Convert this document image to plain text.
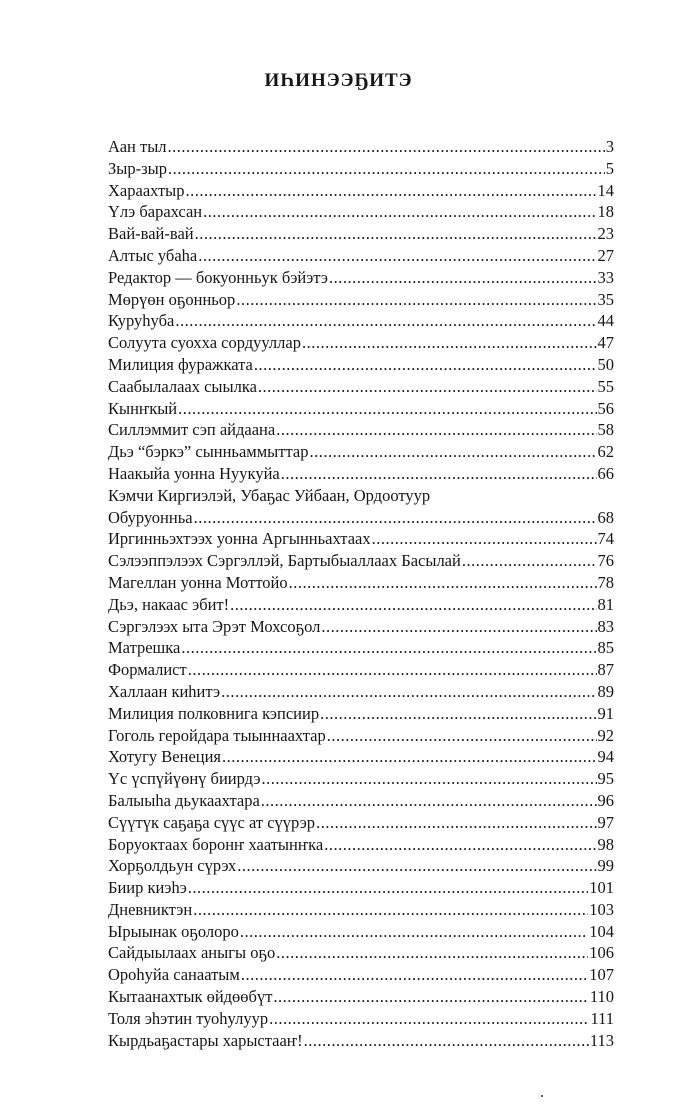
ИҺИНЭЭҔИТЭ
Аан тыл .....	3
Зыр-зыр .....	5
Хараахтыр .....	14
Үлэ барахсан .....	18
Вай-вай-вай .....	23
Алтыс убаһа .....	27
Редактор — бокуонньук бэйэтэ .....	33
Мөрүөн оҕонньор .....	35
Куруһуба .....	44
Солуута суохха сордууллар .....	47
Милиция фуражката .....	50
Саабылалаах сыылка .....	55
Кынҥкый .....	56
Силлэммит сэп айдаана .....	58
Дьэ “бэркэ” сынньаммыттар .....	62
Наакыйа уонна Нуукуйа .....	66
Кэмчи Киргиэлэй, Убаҕас Уйбаан, Ордоотуур
Обуруонньа .....	68
Иргинньэхтээх уонна Аргынньахтаах .....	74
Сэлээппэлээх Сэргэллэй, Бартыбыаллаах Басылай .....	76
Магеллан уонна Моттойо .....	78
Дьэ, накаас эбит! .....	81
Сэргэлээх ыта Эрэт Мохсоҕол .....	83
Матрешка .....	85
Формалист .....	87
Халлаан киһитэ .....	89
Милиция полковнига кэпсиир .....	91
Гоголь геройдара тыыннаахтар .....	92
Хотугу Венеция .....	94
Үс үспүйүөнү биирдэ .....	95
Балыыһа дьукаахтара .....	96
Сүүтүк саҕаҕа сүүс ат сүүрэр .....	97
Боруоктаах боронҥ хаатынҥка .....	98
Хорҕолдьун сүрэх .....	99
Биир киэһэ .....	101
Дневниктэн .....	103
Ырыынак оҕолоро .....	104
Сайдыылаах аныгы оҕо .....	106
Ороһуйа санаатым .....	107
Кытаанахтык өйдөөбүт .....	110
Толя эһэтин туоһулуур .....	111
Кырдьаҕастары харыстааҥ! .....	113
